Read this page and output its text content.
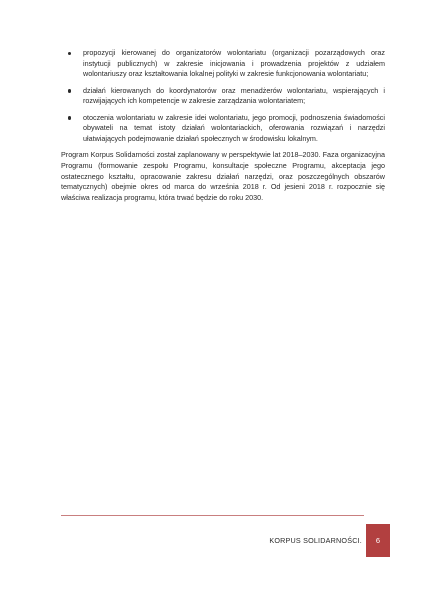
propozycji kierowanej do organizatorów wolontariatu (organizacji pozarządowych oraz instytucji publicznych) w zakresie inicjowania i prowadzenia projektów z udziałem wolontariuszy oraz kształtowania lokalnej polityki w zakresie funkcjonowania wolontariatu;
działań kierowanych do koordynatorów oraz menadżerów wolontariatu, wspierających i rozwijających ich kompetencje w zakresie zarządzania wolontariatem;
otoczenia wolontariatu w zakresie idei wolontariatu, jego promocji, podnoszenia świadomości obywateli na temat istoty działań wolontariackich, oferowania rozwiązań i narzędzi ułatwiających podejmowanie działań społecznych w środowisku lokalnym.

Program Korpus Solidarności został zaplanowany w perspektywie lat 2018–2030. Faza organizacyjna Programu (formowanie zespołu Programu, konsultacje społeczne Programu, akceptacja jego ostatecznego kształtu, opracowanie zakresu działań narzędzi, oraz poszczególnych obszarów tematycznych) obejmie okres od marca do września 2018 r. Od jesieni 2018 r. rozpocznie się właściwa realizacja programu, która trwać będzie do roku 2030.

KORPUS SOLIDARNOŚCI. 6
